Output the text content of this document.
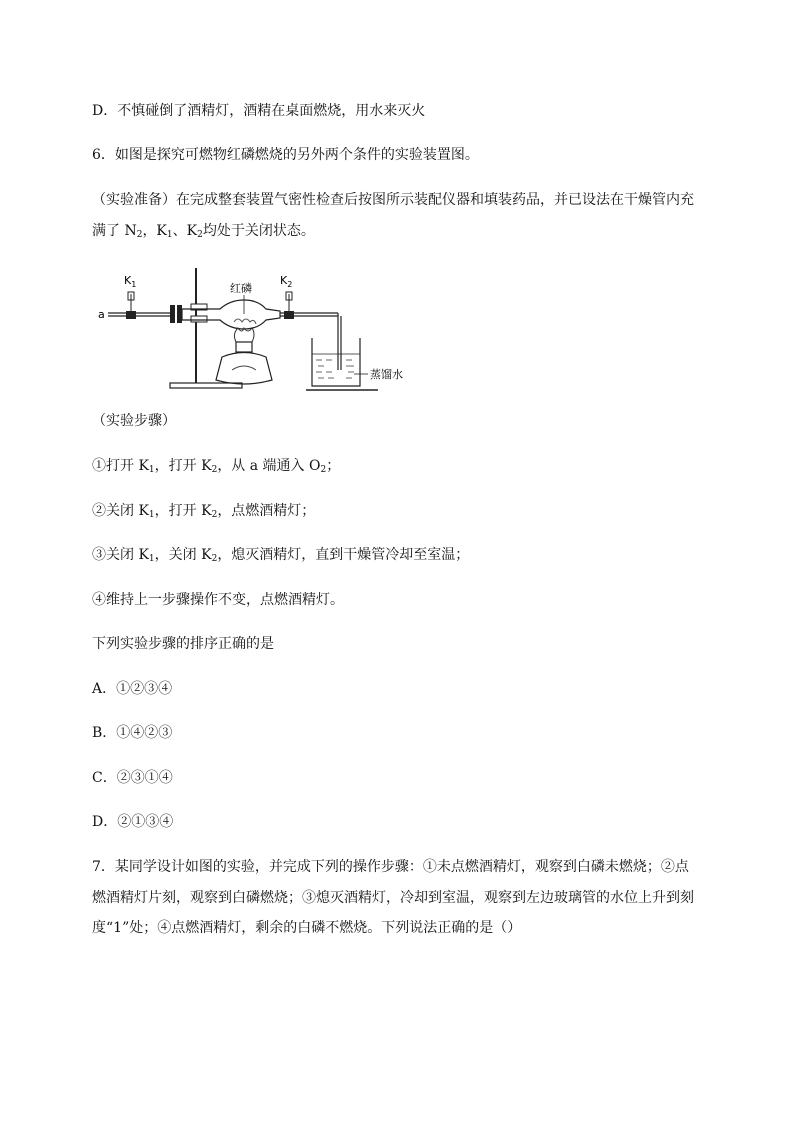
D．不慎碰倒了酒精灯，酒精在桌面燃烧，用水来灭火
6．如图是探究可燃物红磷燃烧的另外两个条件的实验装置图。
（实验准备）在完成整套装置气密性检查后按图所示装配仪器和填装药品，并已设法在干燥管内充
满了 $N_2$，$K_1$、$K_2$均处于关闭状态。
a
$K_1$	红磷
$K_2$
蒸馏水
（实验步骤）
①打开 $K_1$，打开 $K_2$，从 a 端通入 $O_2$；
②关闭 $K_1$，打开 $K_2$，点燃酒精灯；
③关闭 $K_1$，关闭 $K_2$，熄灭酒精灯，直到干燥管冷却至室温；
④维持上一步骤操作不变，点燃酒精灯。
下列实验步骤的排序正确的是
A．①②③④
B．①④②③
C．②③①④
D．②①③④
7．某同学设计如图的实验，并完成下列的操作步骤：①未点燃酒精灯，观察到白磷未燃烧；②点
燃酒精灯片刻，观察到白磷燃烧；③熄灭酒精灯，冷却到室温，观察到左边玻璃管的水位上升到刻
度“1”处；④点燃酒精灯，剩余的白磷不燃烧。下列说法正确的是（）
